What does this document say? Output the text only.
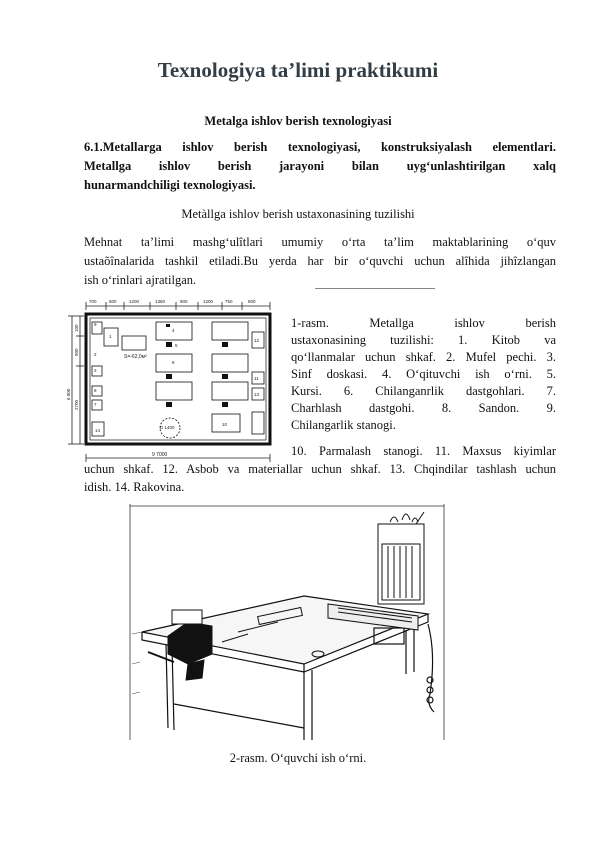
Texnologiya ta’limi praktikumi
Metalga ishlov berish texnologiyasi
6.1.Metallarga ishlov berish texnologiyasi, konstruksiyalash elementlari.
Metallga ishlov berish jarayoni bilan uyg‘unlashtirilgan xalq
hunarmandchiligi texnologiyasi.
Metàllga ishlov berish ustaxonasining tuzilishi
Mehnat ta’limi mashg‘ulîtlari umumiy o‘rta ta’lim maktablarining o‘quv
ustaõînalarida tashkil etiladi.Bu yerda har bir o‘quvchi uchun alîhida jihîzlangan
ish o‘rinlari ajratilgan.
700	600	1200	1360	900	1200	750	800
6 000
100
900
2700
9 7000
S=-62,0м²
D 1400
1
2
3
4
5
6
7
8
9
10
11
12
13
14
1-rasm. Metallga ishlov berish
ustaxonasining tuzilishi: 1. Kitob va
qo‘llanmalar uchun shkaf. 2. Mufel pechi. 3.
Sinf doskasi. 4. O‘qituvchi ish o‘rni. 5.
Kursi. 6. Chilanganrlik dastgohlari. 7.
Charhlash dastgohi. 8. Sandon. 9.
Chilangarlik stanogi.
10. Parmalash stanogi. 11. Maxsus kiyimlar
uchun shkaf. 12. Asbob va materiallar uchun shkaf. 13. Chqindilar tashlash uchun
idish. 14. Rakovina.
2-rasm. O‘quvchi ish o‘rni.
